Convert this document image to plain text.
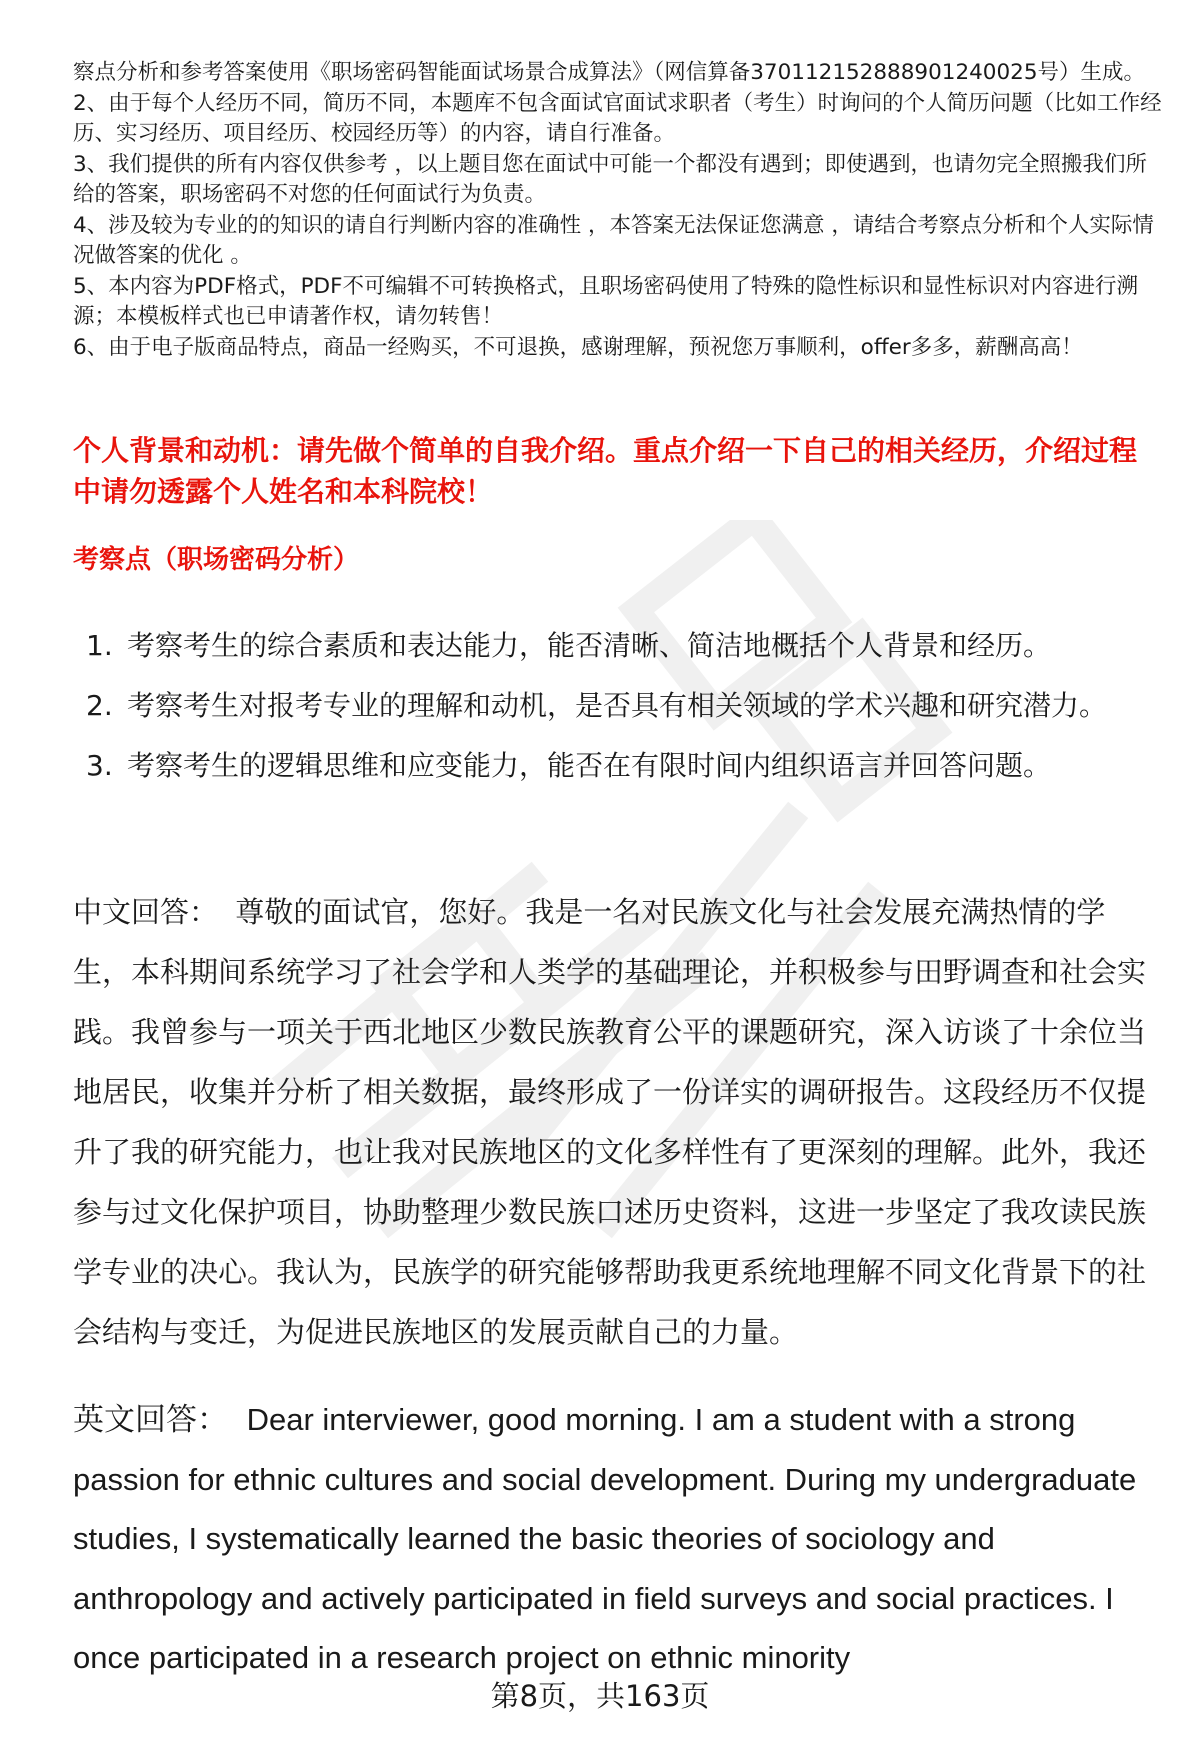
察点分析和参考答案使用《职场密码智能面试场景合成算法》（网信算备370112152888901240025号）生成。

2、由于每个人经历不同，简历不同，本题库不包含面试官面试求职者（考生）时询问的个人简历问题（比如工作经历、实习经历、项目经历、校园经历等）的内容，请自行准备。

3、我们提供的所有内容仅供参考 ，以上题目您在面试中可能一个都没有遇到；即使遇到，也请勿完全照搬我们所给的答案，职场密码不对您的任何面试行为负责。

4、涉及较为专业的的知识的请自行判断内容的准确性 ，本答案无法保证您满意 ，请结合考察点分析和个人实际情况做答案的优化 。

5、本内容为PDF格式，PDF不可编辑不可转换格式，且职场密码使用了特殊的隐性标识和显性标识对内容进行溯源；本模板样式也已申请著作权，请勿转售！

6、由于电子版商品特点，商品一经购买，不可退换，感谢理解，预祝您万事顺利，offer多多，薪酬高高！

个人背景和动机：请先做个简单的自我介绍。重点介绍一下自己的相关经历，介绍过程中请勿透露个人姓名和本科院校！
考察点（职场密码分析）
1. 考察考生的综合素质和表达能力，能否清晰、简洁地概括个人背景和经历。
2. 考察考生对报考专业的理解和动机，是否具有相关领域的学术兴趣和研究潜力。
3. 考察考生的逻辑思维和应变能力，能否在有限时间内组织语言并回答问题。

中文回答： 尊敬的面试官，您好。我是一名对民族文化与社会发展充满热情的学生，本科期间系统学习了社会学和人类学的基础理论，并积极参与田野调查和社会实践。我曾参与一项关于西北地区少数民族教育公平的课题研究，深入访谈了十余位当地居民，收集并分析了相关数据，最终形成了一份详实的调研报告。这段经历不仅提升了我的研究能力，也让我对民族地区的文化多样性有了更深刻的理解。此外，我还参与过文化保护项目，协助整理少数民族口述历史资料，这进一步坚定了我攻读民族学专业的决心。我认为，民族学的研究能够帮助我更系统地理解不同文化背景下的社会结构与变迁，为促进民族地区的发展贡献自己的力量。

英文回答： Dear interviewer, good morning. I am a student with a strong passion for ethnic cultures and social development. During my undergraduate studies, I systematically learned the basic theories of sociology and anthropology and actively participated in field surveys and social practices. I once participated in a research project on ethnic minority

第8页，共163页
